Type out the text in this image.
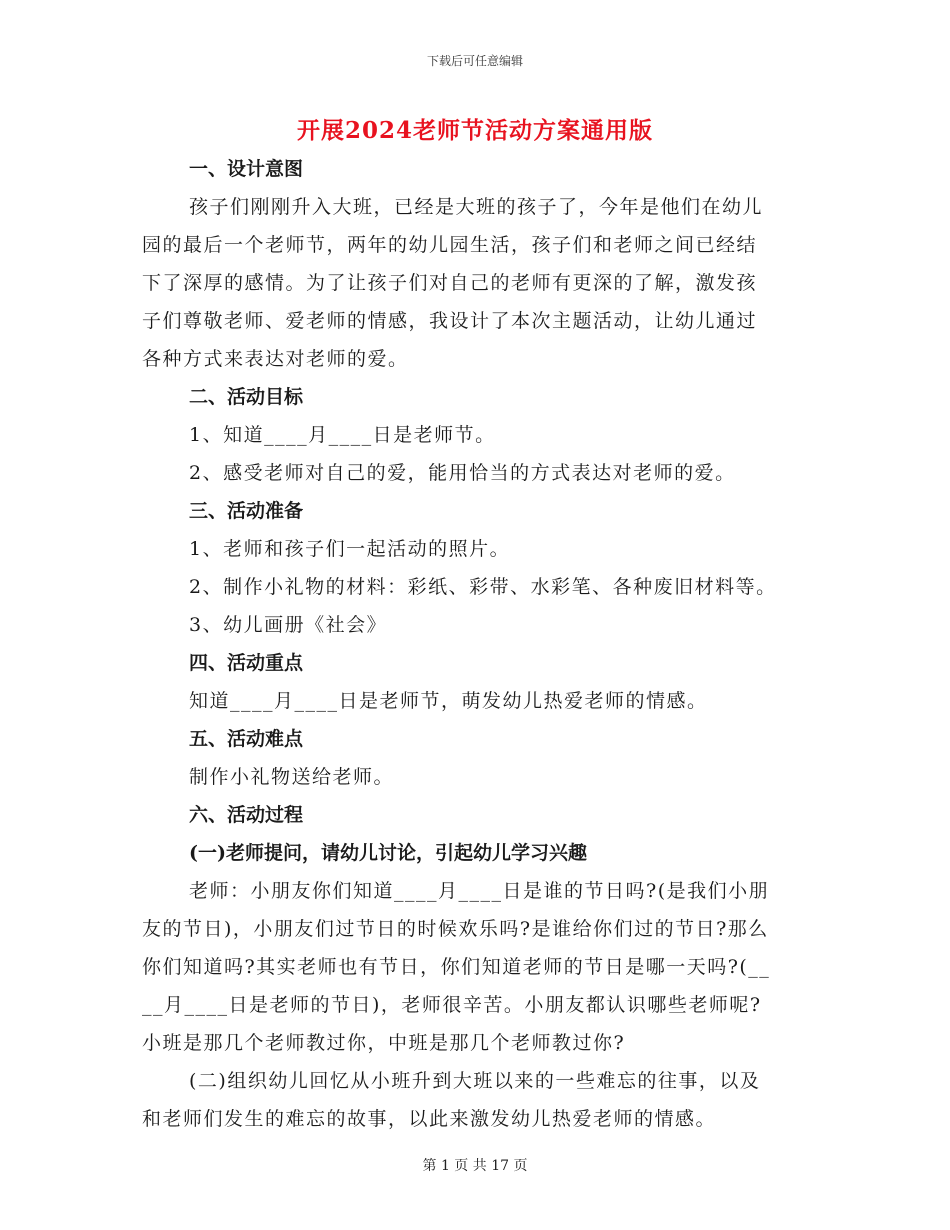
下载后可任意编辑
开展2024老师节活动方案通用版

一、设计意图

孩子们刚刚升入大班，已经是大班的孩子了，今年是他们在幼儿
园的最后一个老师节，两年的幼儿园生活，孩子们和老师之间已经结
下了深厚的感情。为了让孩子们对自己的老师有更深的了解，激发孩
子们尊敬老师、爱老师的情感，我设计了本次主题活动，让幼儿通过
各种方式来表达对老师的爱。

二、活动目标

1、知道____月____日是老师节。

2、感受老师对自己的爱，能用恰当的方式表达对老师的爱。

三、活动准备

1、老师和孩子们一起活动的照片。

2、制作小礼物的材料：彩纸、彩带、水彩笔、各种废旧材料等。

3、幼儿画册《社会》

四、活动重点

知道____月____日是老师节，萌发幼儿热爱老师的情感。

五、活动难点

制作小礼物送给老师。

六、活动过程

(一)老师提问，请幼儿讨论，引起幼儿学习兴趣

老师：小朋友你们知道____月____日是谁的节日吗?(是我们小朋
友的节日)，小朋友们过节日的时候欢乐吗?是谁给你们过的节日?那么
你们知道吗?其实老师也有节日，你们知道老师的节日是哪一天吗?(__
__月____日是老师的节日)，老师很辛苦。小朋友都认识哪些老师呢?
小班是那几个老师教过你，中班是那几个老师教过你?
(二)组织幼儿回忆从小班升到大班以来的一些难忘的往事，以及
和老师们发生的难忘的故事，以此来激发幼儿热爱老师的情感。
第 1 页 共 17 页
